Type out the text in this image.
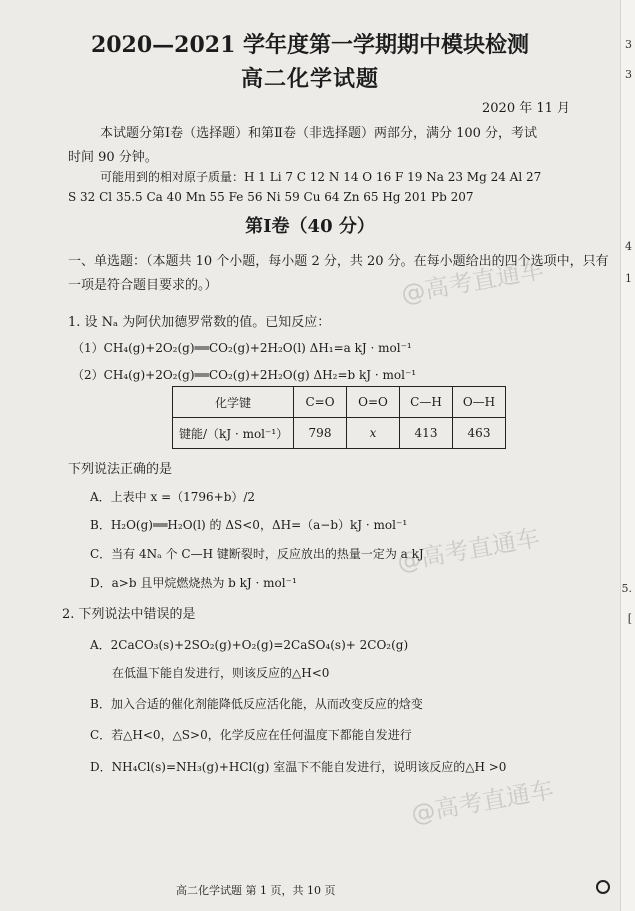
3
3
4
1
5.
[
2020—2021 学年度第一学期期中模块检测
高二化学试题
2020 年 11 月
本试题分第Ⅰ卷（选择题）和第Ⅱ卷（非选择题）两部分，满分 100 分，考试
时间 90 分钟。
可能用到的相对原子质量：H 1 Li 7 C 12 N 14 O 16 F 19 Na 23 Mg 24 Al 27
S 32 Cl 35.5 Ca 40 Mn 55 Fe 56 Ni 59 Cu 64 Zn 65 Hg 201 Pb 207
第Ⅰ卷（40 分）
一、单选题：（本题共 10 个小题，每小题 2 分，共 20 分。在每小题给出的四个选项中，只有
一项是符合题目要求的。）
1. 设 Nₐ 为阿伏加德罗常数的值。已知反应：
（1）CH₄(g)+2O₂(g)══CO₂(g)+2H₂O(l) ΔH₁=a kJ · mol⁻¹
（2）CH₄(g)+2O₂(g)══CO₂(g)+2H₂O(g) ΔH₂=b kJ · mol⁻¹
化学键	C=O	O=O	C—H	O—H
键能/（kJ · mol⁻¹）	798	x	413	463
下列说法正确的是
A．上表中 x =（1796+b）/2
B．H₂O(g)══H₂O(l) 的 ΔS<0，ΔH=（a−b）kJ · mol⁻¹
C．当有 4Nₐ 个 C—H 键断裂时，反应放出的热量一定为 a kJ
D．a>b 且甲烷燃烧热为 b kJ · mol⁻¹
2. 下列说法中错误的是
A．2CaCO₃(s)+2SO₂(g)+O₂(g)=2CaSO₄(s)+ 2CO₂(g)
在低温下能自发进行，则该反应的△H<0
B．加入合适的催化剂能降低反应活化能，从而改变反应的焓变
C．若△H<0，△S>0，化学反应在任何温度下都能自发进行
D．NH₄Cl(s)=NH₃(g)+HCl(g) 室温下不能自发进行，说明该反应的△H >0
高二化学试题 第 1 页，共 10 页
@高考直通车
@高考直通车
@高考直通车
